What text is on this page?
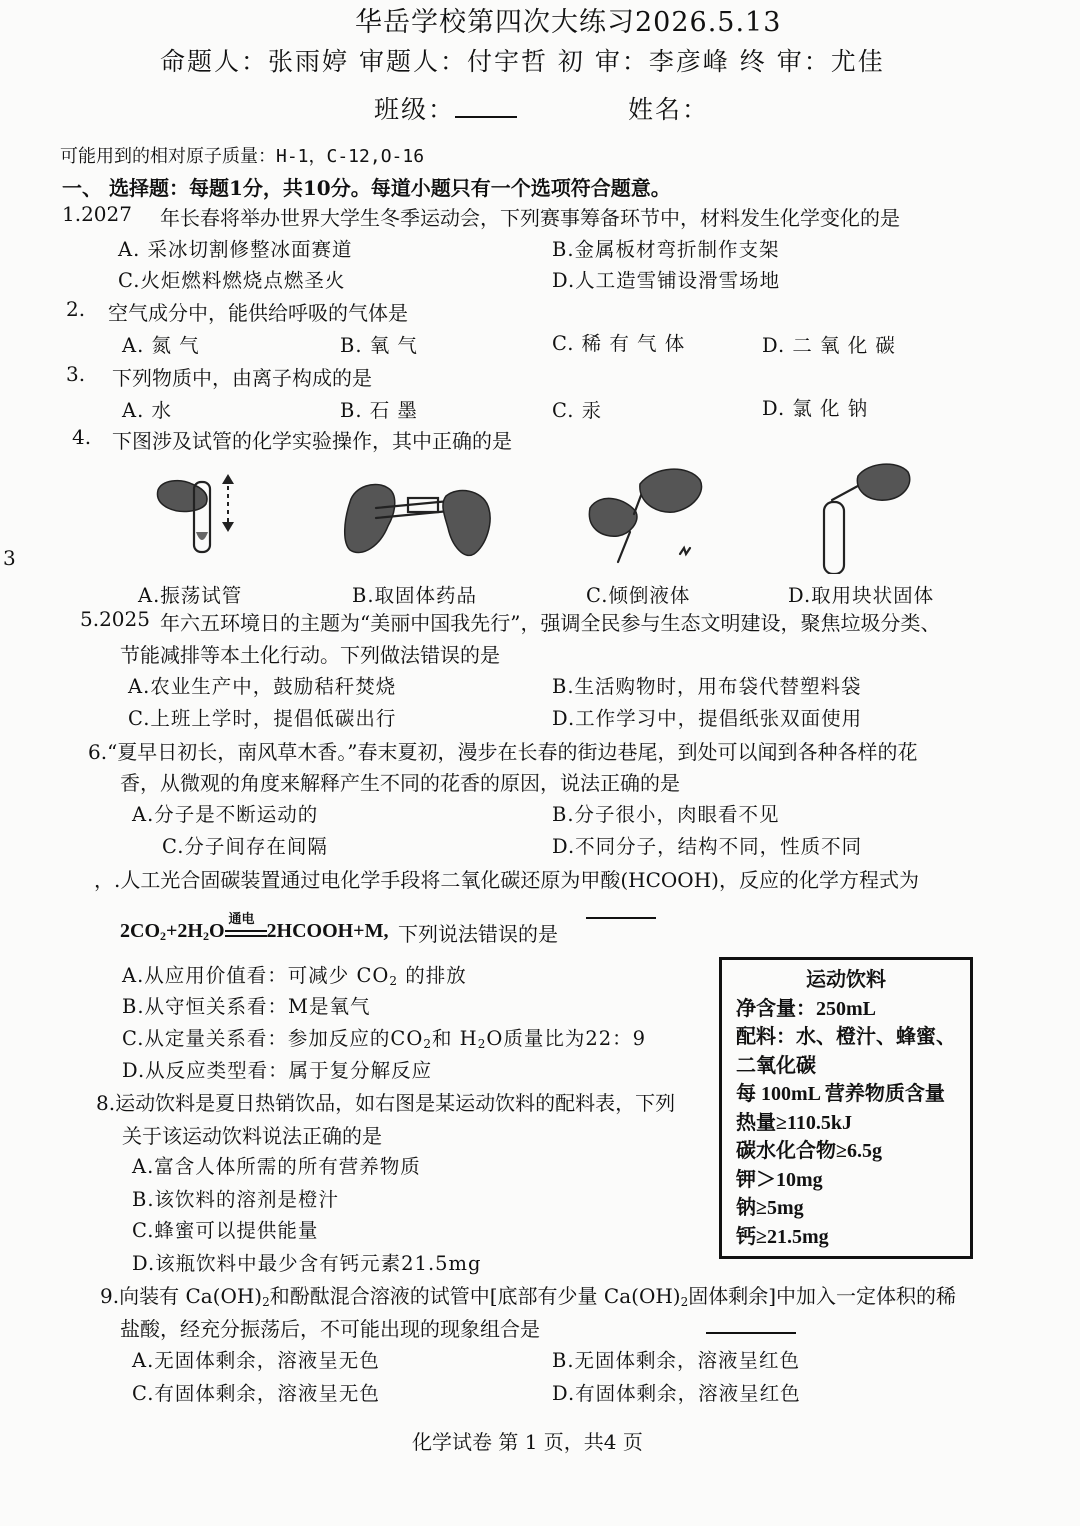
华岳学校第四次大练习2026.5.13
命题人：张雨婷 审题人：付宇哲 初 审：李彦峰 终 审：尤佳
班级：	姓名：
可能用到的相对原子质量：H-1，C-12,O-16
一、 选择题：每题1分，共10分。每道小题只有一个选项符合题意。
3
1.2027 年长春将举办世界大学生冬季运动会，下列赛事筹备环节中，材料发生化学变化的是
A. 采冰切割修整冰面赛道	B.金属板材弯折制作支架
C.火炬燃料燃烧点燃圣火	D.人工造雪铺设滑雪场地
2. 空气成分中，能供给呼吸的气体是
A. 氮 气	B. 氧 气	C. 稀 有 气 体	D. 二 氧 化 碳
3. 下列物质中，由离子构成的是
A. 水	B. 石 墨	C. 汞	D. 氯 化 钠
4. 下图涉及试管的化学实验操作，其中正确的是
A.振荡试管	B.取固体药品	C.倾倒液体	D.取用块状固体
5.2025 年六五环境日的主题为“美丽中国我先行”，强调全民参与生态文明建设，聚焦垃圾分类、
节能减排等本土化行动。下列做法错误的是
A.农业生产中，鼓励秸秆焚烧	B.生活购物时，用布袋代替塑料袋
C.上班上学时，提倡低碳出行	D.工作学习中，提倡纸张双面使用
6.“夏早日初长，南风草木香。”春末夏初，漫步在长春的街边巷尾，到处可以闻到各种各样的花
香，从微观的角度来解释产生不同的花香的原因，说法正确的是
A.分子是不断运动的	B.分子很小，肉眼看不见
C.分子间存在间隔	D.不同分子，结构不同，性质不同
，.人工光合固碳装置通过电化学手段将二氧化碳还原为甲酸(HCOOH)，反应的化学方程式为
$2CO_2+2H_2O$
通电
2HCOOH+M, 下列说法错误的是
A.从应用价值看：可减少 $CO_2$ 的排放
B.从守恒关系看：M是氧气
C.从定量关系看：参加反应的$CO_2$和 $H_2O$质量比为22：9
D.从反应类型看：属于复分解反应
运动饮料
净含量：250mL
配料：水、橙汁、蜂蜜、
二氧化碳
每 100mL 营养物质含量
热量≥110.5kJ
碳水化合物≥6.5g
钾＞10mg
钠≥5mg
钙≥21.5mg
8.运动饮料是夏日热销饮品，如右图是某运动饮料的配料表，下列
关于该运动饮料说法正确的是
A.富含人体所需的所有营养物质
B.该饮料的溶剂是橙汁
C.蜂蜜可以提供能量
D.该瓶饮料中最少含有钙元素21.5mg
9.向装有 $Ca(OH)_2$和酚酞混合溶液的试管中[底部有少量 $Ca(OH)_2$固体剩余]中加入一定体积的稀
盐酸，经充分振荡后，不可能出现的现象组合是
A.无固体剩余，溶液呈无色	B.无固体剩余，溶液呈红色
C.有固体剩余，溶液呈无色	D.有固体剩余，溶液呈红色
化学试卷 第 1 页，共4 页
